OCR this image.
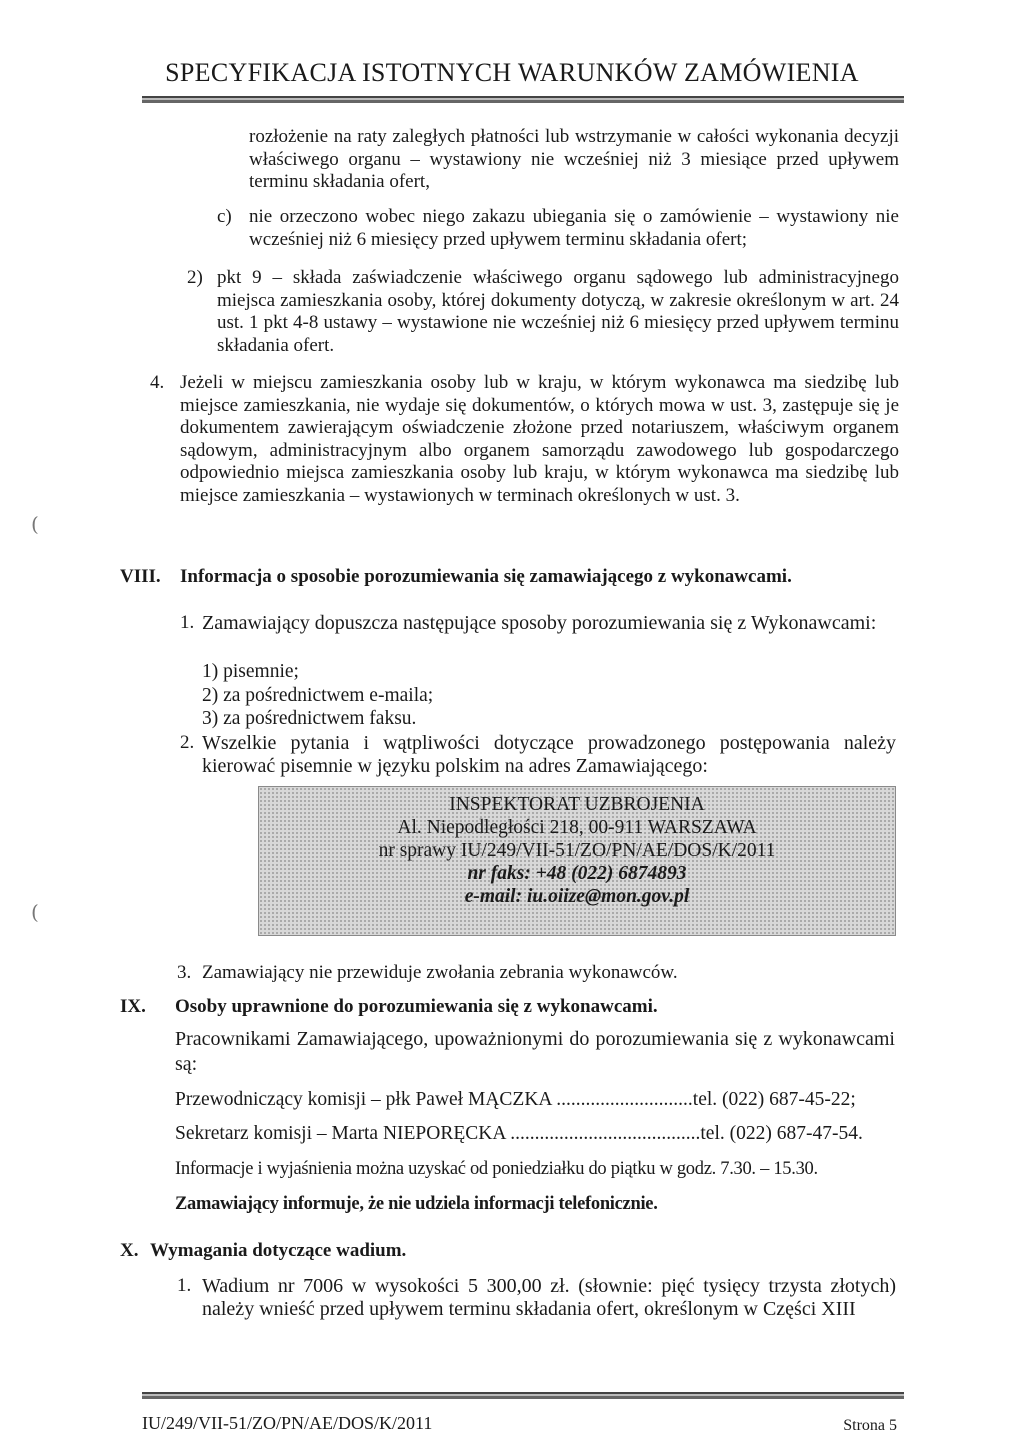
SPECYFIKACJA ISTOTNYCH WARUNKÓW ZAMÓWIENIA

rozłożenie na raty zaległych płatności lub wstrzymanie w całości wykonania decyzji właściwego organu – wystawiony nie wcześniej niż 3 miesiące przed upływem terminu składania ofert,

c) nie orzeczono wobec niego zakazu ubiegania się o zamówienie – wystawiony nie wcześniej niż 6 miesięcy przed upływem terminu składania ofert;

2) pkt 9 – składa zaświadczenie właściwego organu sądowego lub administracyjnego miejsca zamieszkania osoby, której dokumenty dotyczą, w zakresie określonym w art. 24 ust. 1 pkt 4-8 ustawy – wystawione nie wcześniej niż 6 miesięcy przed upływem terminu składania ofert.

4. Jeżeli w miejscu zamieszkania osoby lub w kraju, w którym wykonawca ma siedzibę lub miejsce zamieszkania, nie wydaje się dokumentów, o których mowa w ust. 3, zastępuje się je dokumentem zawierającym oświadczenie złożone przed notariuszem, właściwym organem sądowym, administracyjnym albo organem samorządu zawodowego lub gospodarczego odpowiednio miejsca zamieszkania osoby lub kraju, w którym wykonawca ma siedzibę lub miejsce zamieszkania – wystawionych w terminach określonych w ust. 3.

(
(
VIII. Informacja o sposobie porozumiewania się zamawiającego z wykonawcami.

1. Zamawiający dopuszcza następujące sposoby porozumiewania się z Wykonawcami:

1) pisemnie;
2) za pośrednictwem e-maila;
3) za pośrednictwem faksu.
2. Wszelkie pytania i wątpliwości dotyczące prowadzonego postępowania należy kierować pisemnie w języku polskim na adres Zamawiającego:

INSPEKTORAT UZBROJENIA
Al. Niepodległości 218, 00-911 WARSZAWA
nr sprawy IU/249/VII-51/ZO/PN/AE/DOS/K/2011
nr faks: +48 (022) 6874893
e-mail: iu.oiize@mon.gov.pl
3. Zamawiający nie przewiduje zwołania zebrania wykonawców.

IX. Osoby uprawnione do porozumiewania się z wykonawcami.

Pracownikami Zamawiającego, upoważnionymi do porozumiewania się z wykonawcami są:

Przewodniczący komisji – płk Paweł MĄCZKA ............................tel. (022) 687-45-22;
Sekretarz komisji – Marta NIEPORĘCKA .......................................tel. (022) 687-47-54.

Informacje i wyjaśnienia można uzyskać od poniedziałku do piątku w godz. 7.30. – 15.30.

Zamawiający informuje, że nie udziela informacji telefonicznie.

X. Wymagania dotyczące wadium.

1. Wadium nr 7006 w wysokości 5 300,00 zł. (słownie: pięć tysięcy trzysta złotych) należy wnieść przed upływem terminu składania ofert, określonym w Części XIII

IU/249/VII-51/ZO/PN/AE/DOS/K/2011	Strona 5
